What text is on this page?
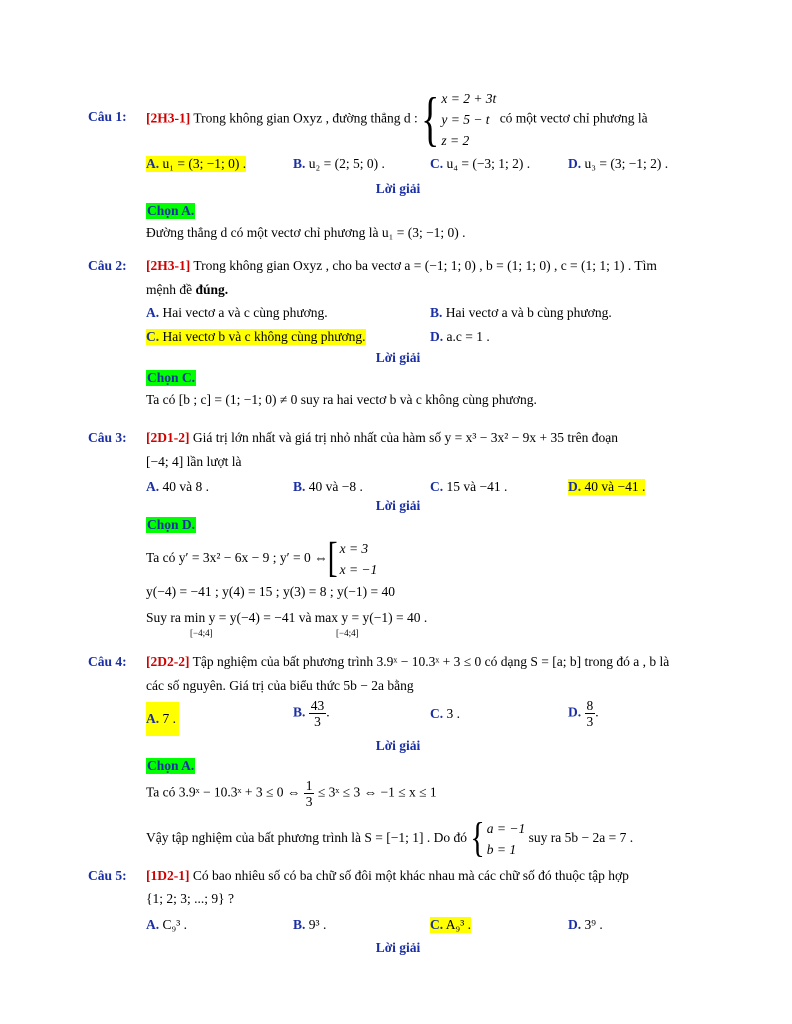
Câu 1: [2H3-1] Trong không gian Oxyz , đường thẳng d : { x = 2 + 3t
y = 5 − t
z = 2 có một vectơ chỉ phương là
A. u₁ = (3; −1; 0) .	B. u₂ = (2; 5; 0) .	C. u₄ = (−3; 1; 2) .	D. u₃ = (3; −1; 2) .
Lời giải
Chọn A.
Đường thẳng d có một vectơ chỉ phương là u₁ = (3; −1; 0) .
Câu 2: [2H3-1] Trong không gian Oxyz , cho ba vectơ a = (−1; 1; 0) , b = (1; 1; 0) , c = (1; 1; 1) . Tìm
mệnh đề đúng.
A. Hai vectơ a và c cùng phương.	B. Hai vectơ a và b cùng phương.
C. Hai vectơ b và c không cùng phương.	D. a.c = 1 .
Lời giải
Chọn C.
Ta có [b ; c] = (1; −1; 0) ≠ 0 suy ra hai vectơ b và c không cùng phương.
Câu 3: [2D1-2] Giá trị lớn nhất và giá trị nhỏ nhất của hàm số y = x³ − 3x² − 9x + 35 trên đoạn
[−4; 4] lần lượt là
A. 40 và 8 .	B. 40 và −8 .	C. 15 và −41 .	D. 40 và −41 .
Lời giải
Chọn D.
Ta có y′ = 3x² − 6x − 9 ; y′ = 0 ⇔[ x = 3
x = −1
y(−4) = −41 ; y(4) = 15 ; y(3) = 8 ; y(−1) = 40
Suy ra min y = y(−4) = −41 và max y = y(−1) = 40 .
[−4;4]	[−4;4]
Câu 4: [2D2-2] Tập nghiệm của bất phương trình 3.9ˣ − 10.3ˣ + 3 ≤ 0 có dạng S = [a; b] trong đó a , b là
các số nguyên. Giá trị của biểu thức 5b − 2a bằng
A. 7 .	B. $\frac{43}{3}$ .	C. 3 .	D. $\frac{8}{3}$ .
Lời giải
Chọn A.
Ta có 3.9ˣ − 10.3ˣ + 3 ≤ 0 ⇔ $\frac{1}{3}$ ≤ 3ˣ ≤ 3 ⇔ −1 ≤ x ≤ 1
Vậy tập nghiệm của bất phương trình là S = [−1; 1] . Do đó { a = −1
b = 1 suy ra 5b − 2a = 7 .
Câu 5: [1D2-1] Có bao nhiêu số có ba chữ số đôi một khác nhau mà các chữ số đó thuộc tập hợp
{1; 2; 3; ...; 9} ?
A. C₉³ .	B. 9³ .	C. A₉³ .	D. 3⁹ .
Lời giải
